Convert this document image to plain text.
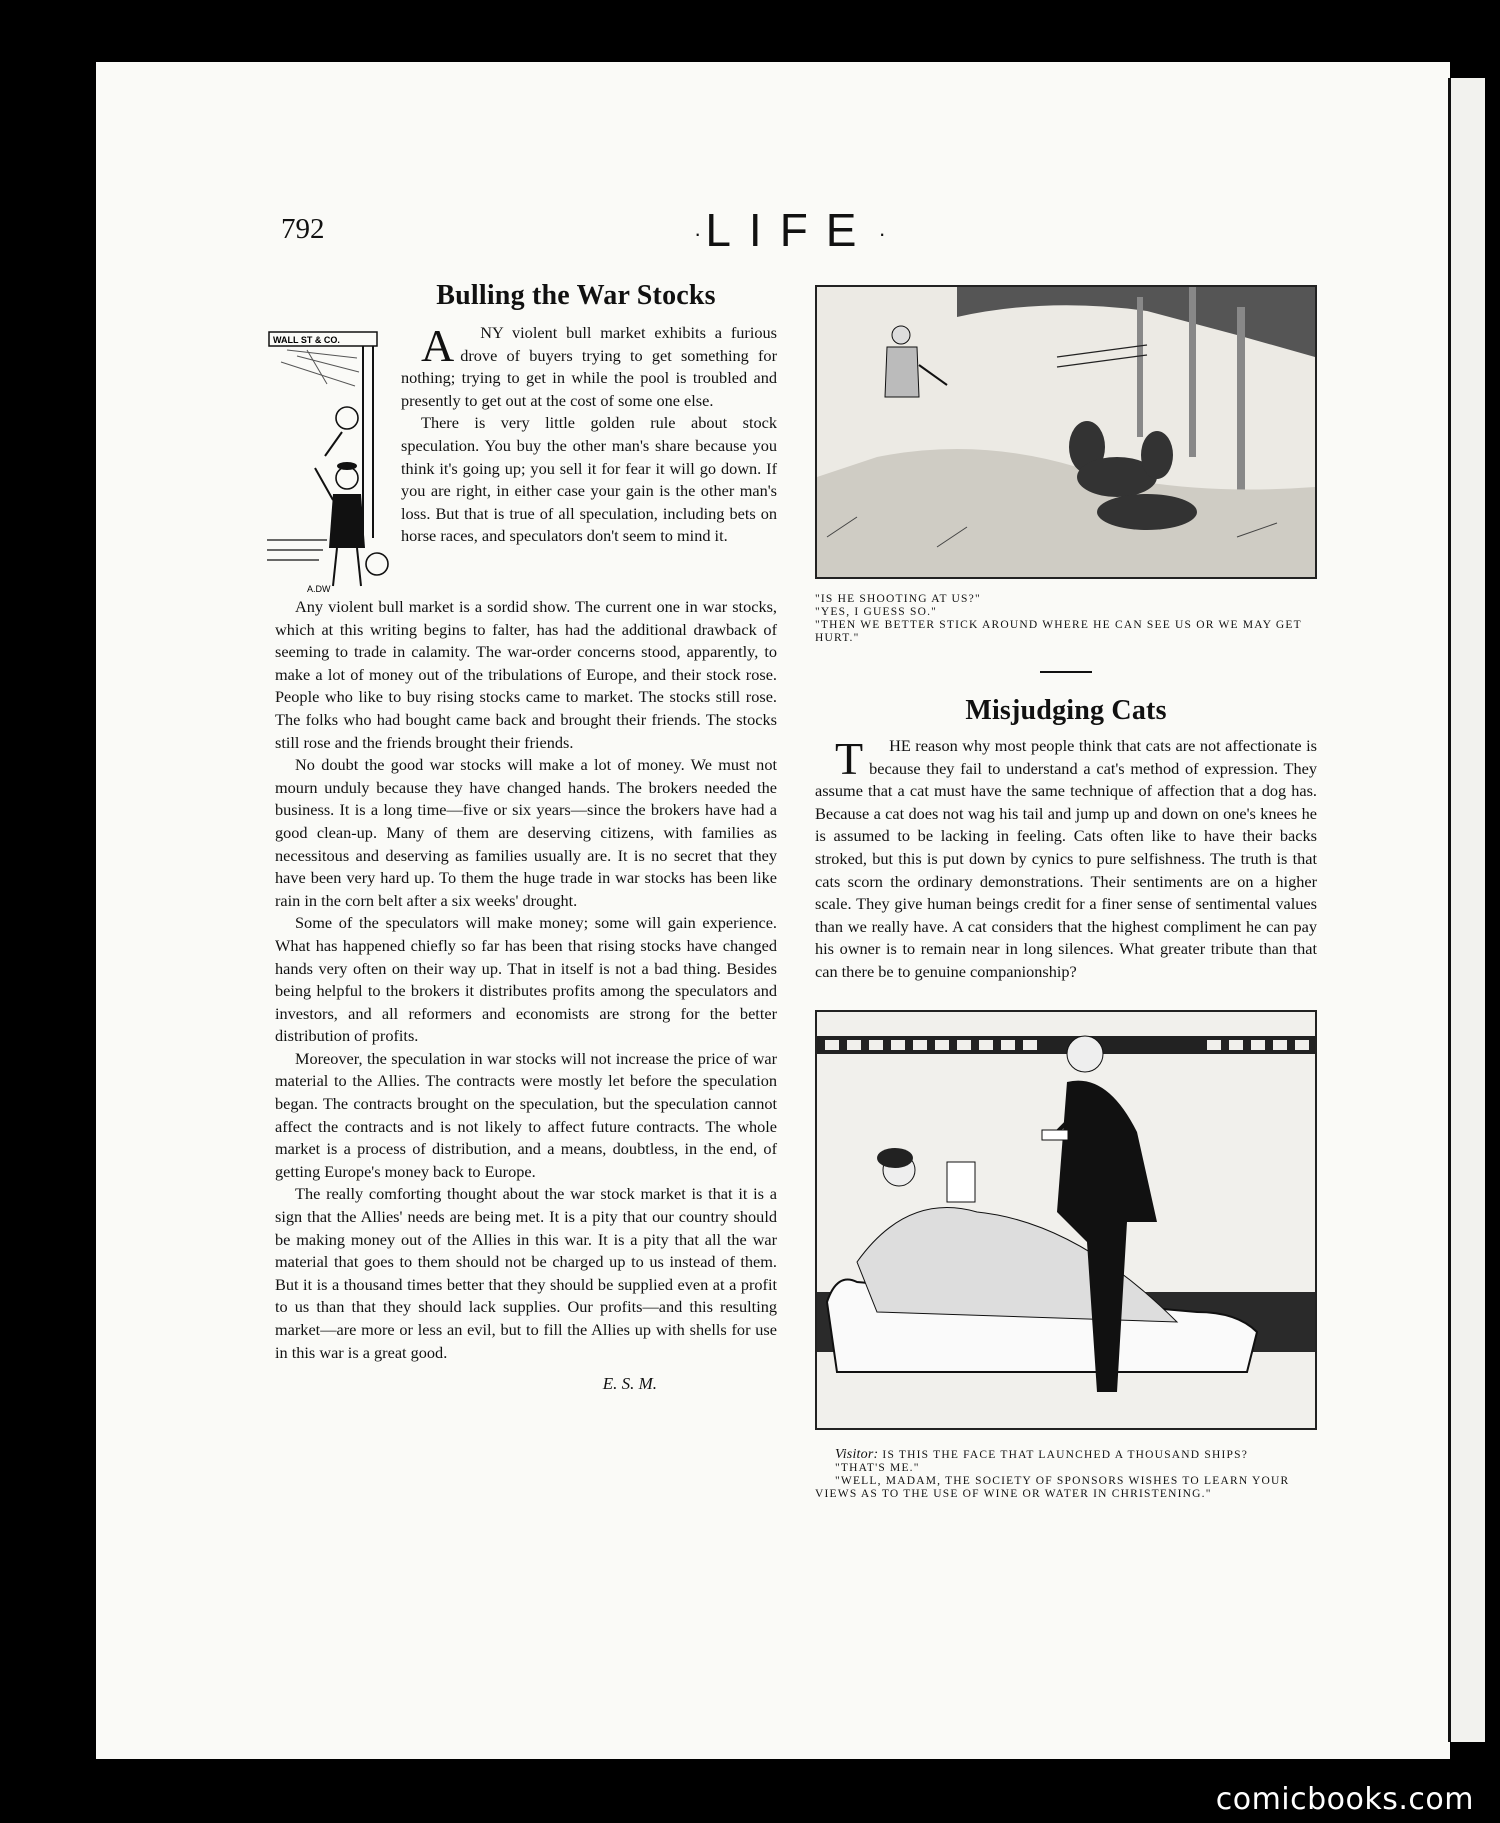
792	·LIFE ·
Bulling the War Stocks
WALL ST & CO.
A.DW

A	NY violent bull market exhibits a furious drove of buyers trying to get something for nothing; trying to get in while the pool is troubled and presently to get out at the cost of some one else.

There is very little golden rule about stock speculation. You buy the other man's share because you think it's going up; you sell it for fear it will go down. If you are right, in either case your gain is the other man's loss. But that is true of all speculation, including bets on horse races, and speculators don't seem to mind it.

Any violent bull market is a sordid show. The current one in war stocks, which at this writing begins to falter, has had the additional drawback of seeming to trade in calamity. The war-order concerns stood, apparently, to make a lot of money out of the tribulations of Europe, and their stock rose. People who like to buy rising stocks came to market. The stocks still rose. The folks who had bought came back and brought their friends. The stocks still rose and the friends brought their friends.

No doubt the good war stocks will make a lot of money. We must not mourn unduly because they have changed hands. The brokers needed the business. It is a long time—five or six years—since the brokers have had a good clean-up. Many of them are deserving citizens, with families as necessitous and deserving as families usually are. It is no secret that they have been very hard up. To them the huge trade in war stocks has been like rain in the corn belt after a six weeks' drought.

Some of the speculators will make money; some will gain experience. What has happened chiefly so far has been that rising stocks have changed hands very often on their way up. That in itself is not a bad thing. Besides being helpful to the brokers it distributes profits among the speculators and investors, and all reformers and economists are strong for the better distribution of profits.

Moreover, the speculation in war stocks will not increase the price of war material to the Allies. The contracts were mostly let before the speculation began. The contracts brought on the speculation, but the speculation cannot affect the contracts and is not likely to affect future contracts. The whole market is a process of distribution, and a means, doubtless, in the end, of getting Europe's money back to Europe.

The really comforting thought about the war stock market is that it is a sign that the Allies' needs are being met. It is a pity that our country should be making money out of the Allies in this war. It is a pity that all the war material that goes to them should not be charged up to us instead of them. But it is a thousand times better that they should be supplied even at a profit to us than that they should lack supplies. Our profits—and this resulting market—are more or less an evil, but to fill the Allies up with shells for use in this war is a great good.

E. S. M.
"IS HE SHOOTING AT US?"
"YES, I GUESS SO."
"THEN WE BETTER STICK AROUND WHERE HE CAN SEE US OR WE MAY GET HURT."
Misjudging Cats

T	HE reason why most people think that cats are not affectionate is because they fail to understand a cat's method of expression. They assume that a cat must have the same technique of affection that a dog has. Because a cat does not wag his tail and jump up and down on one's knees he is assumed to be lacking in feeling. Cats often like to have their backs stroked, but this is put down by cynics to pure selfishness. The truth is that cats scorn the ordinary demonstrations. Their sentiments are on a higher scale. They give human beings credit for a finer sense of sentimental values than we really have. A cat considers that the highest compliment he can pay his owner is to remain near in long silences. What greater tribute than that can there be to genuine companionship?

Visitor: IS THIS THE FACE THAT LAUNCHED A THOUSAND SHIPS?
"THAT'S ME."
"WELL, MADAM, THE SOCIETY OF SPONSORS WISHES TO LEARN YOUR VIEWS AS TO THE USE OF WINE OR WATER IN CHRISTENING."
comicbooks.com
